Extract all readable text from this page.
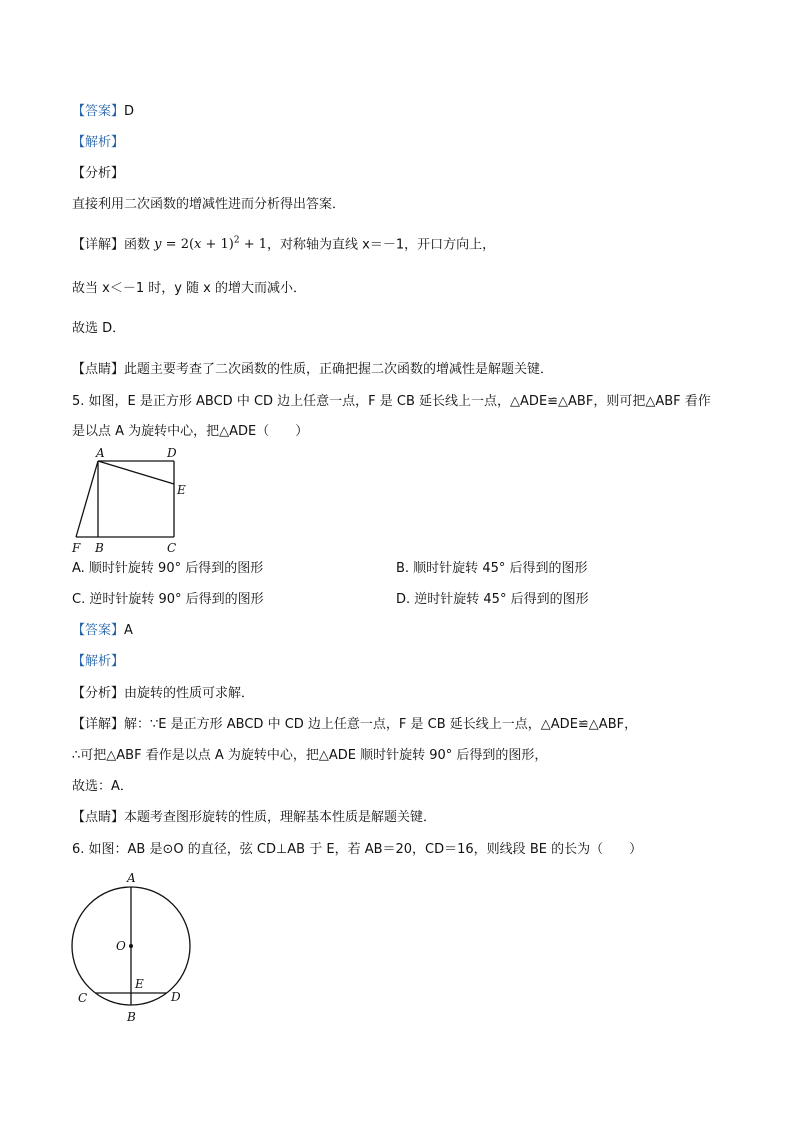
【答案】D
【解析】
【分析】
直接利用二次函数的增减性进而分析得出答案．
【详解】函数 $y = 2(x + 1)^2 + 1$，对称轴为直线 x＝－1，开口方向上，
故当 x＜－1 时，y 随 x 的增大而减小．
故选 D．
【点睛】此题主要考查了二次函数的性质，正确把握二次函数的增减性是解题关键．
5. 如图，E 是正方形 ABCD 中 CD 边上任意一点，F 是 CB 延长线上一点，△ADE≌△ABF，则可把△ABF 看作
是以点 A 为旋转中心，把△ADE（　　）
A	D
E
F B	C
A. 顺时针旋转 90° 后得到的图形	B. 顺时针旋转 45° 后得到的图形
C. 逆时针旋转 90° 后得到的图形	D. 逆时针旋转 45° 后得到的图形
【答案】A
【解析】
【分析】由旋转的性质可求解．
【详解】解：∵E 是正方形 ABCD 中 CD 边上任意一点，F 是 CB 延长线上一点，△ADE≌△ABF，
∴可把△ABF 看作是以点 A 为旋转中心，把△ADE 顺时针旋转 90° 后得到的图形，
故选：A．
【点睛】本题考查图形旋转的性质，理解基本性质是解题关键．
6. 如图：AB 是⊙O 的直径，弦 CD⊥AB 于 E，若 AB＝20，CD＝16，则线段 BE 的长为（　　）
A
O
E
C	D
B
